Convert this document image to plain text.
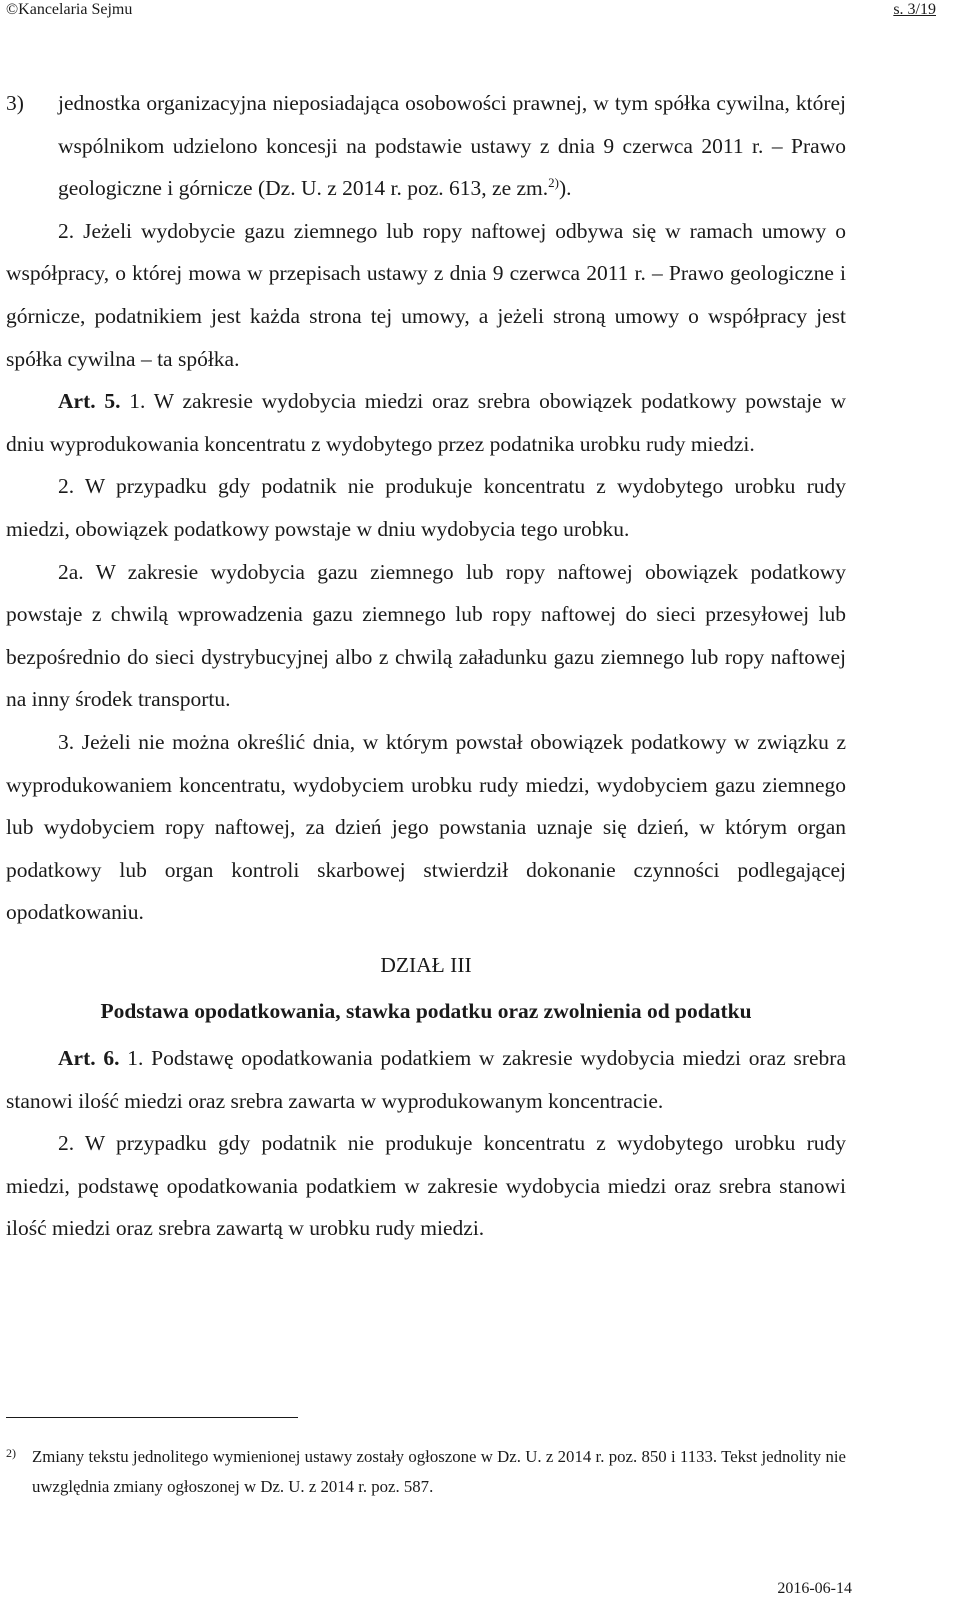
©Kancelaria Sejmu	s. 3/19

3) jednostka organizacyjna nieposiadająca osobowości prawnej, w tym spółka cywilna, której wspólnikom udzielono koncesji na podstawie ustawy z dnia 9 czerwca 2011 r. – Prawo geologiczne i górnicze (Dz. U. z 2014 r. poz. 613, ze zm.$^{2)}$).

2. Jeżeli wydobycie gazu ziemnego lub ropy naftowej odbywa się w ramach umowy o współpracy, o której mowa w przepisach ustawy z dnia 9 czerwca 2011 r. – Prawo geologiczne i górnicze, podatnikiem jest każda strona tej umowy, a jeżeli stroną umowy o współpracy jest spółka cywilna – ta spółka.

Art. 5. 1. W zakresie wydobycia miedzi oraz srebra obowiązek podatkowy powstaje w dniu wyprodukowania koncentratu z wydobytego przez podatnika urobku rudy miedzi.

2. W przypadku gdy podatnik nie produkuje koncentratu z wydobytego urobku rudy miedzi, obowiązek podatkowy powstaje w dniu wydobycia tego urobku.

2a. W zakresie wydobycia gazu ziemnego lub ropy naftowej obowiązek podatkowy powstaje z chwilą wprowadzenia gazu ziemnego lub ropy naftowej do sieci przesyłowej lub bezpośrednio do sieci dystrybucyjnej albo z chwilą załadunku gazu ziemnego lub ropy naftowej na inny środek transportu.

3. Jeżeli nie można określić dnia, w którym powstał obowiązek podatkowy w związku z wyprodukowaniem koncentratu, wydobyciem urobku rudy miedzi, wydobyciem gazu ziemnego lub wydobyciem ropy naftowej, za dzień jego powstania uznaje się dzień, w którym organ podatkowy lub organ kontroli skarbowej stwierdził dokonanie czynności podlegającej opodatkowaniu.

DZIAŁ III

Podstawa opodatkowania, stawka podatku oraz zwolnienia od podatku

Art. 6. 1. Podstawę opodatkowania podatkiem w zakresie wydobycia miedzi oraz srebra stanowi ilość miedzi oraz srebra zawarta w wyprodukowanym koncentracie.

2. W przypadku gdy podatnik nie produkuje koncentratu z wydobytego urobku rudy miedzi, podstawę opodatkowania podatkiem w zakresie wydobycia miedzi oraz srebra stanowi ilość miedzi oraz srebra zawartą w urobku rudy miedzi.

2) Zmiany tekstu jednolitego wymienionej ustawy zostały ogłoszone w Dz. U. z 2014 r. poz. 850 i 1133. Tekst jednolity nie uwzględnia zmiany ogłoszonej w Dz. U. z 2014 r. poz. 587.
2016-06-14
